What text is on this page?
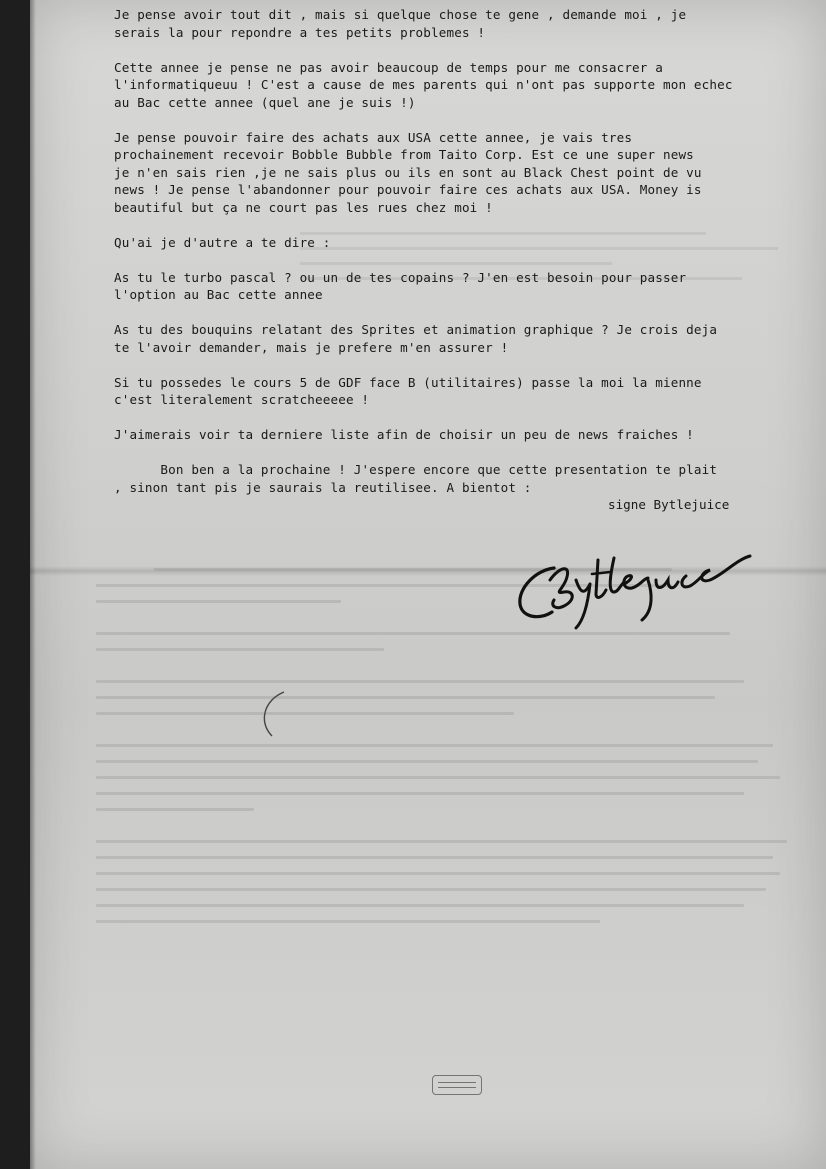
Je pense avoir tout dit , mais si quelque chose te gene , demande moi , je
serais la pour repondre a tes petits problemes !

Cette annee je pense ne pas avoir beaucoup de temps pour me consacrer a
l'informatiqueuu ! C'est a cause de mes parents qui n'ont pas supporte mon echec
au Bac cette annee (quel ane je suis !)

Je pense pouvoir faire des achats aux USA cette annee, je vais tres
prochainement recevoir Bobble Bubble from Taito Corp. Est ce une super news
je n'en sais rien ,je ne sais plus ou ils en sont au Black Chest point de vu
news ! Je pense l'abandonner pour pouvoir faire ces achats aux USA. Money is
beautiful but ça ne court pas les rues chez moi !

Qu'ai je d'autre a te dire :

As tu le turbo pascal ? ou un de tes copains ? J'en est besoin pour passer
l'option au Bac cette annee

As tu des bouquins relatant des Sprites et animation graphique ? Je crois deja
te l'avoir demander, mais je prefere m'en assurer !

Si tu possedes le cours 5 de GDF face B (utilitaires) passe la moi la mienne
c'est literalement scratcheeeee !

J'aimerais voir ta derniere liste afin de choisir un peu de news fraiches !

Bon ben a la prochaine ! J'espere encore que cette presentation te plait
, sinon tant pis je saurais la reutilisee. A bientot :

signe Bytlejuice
